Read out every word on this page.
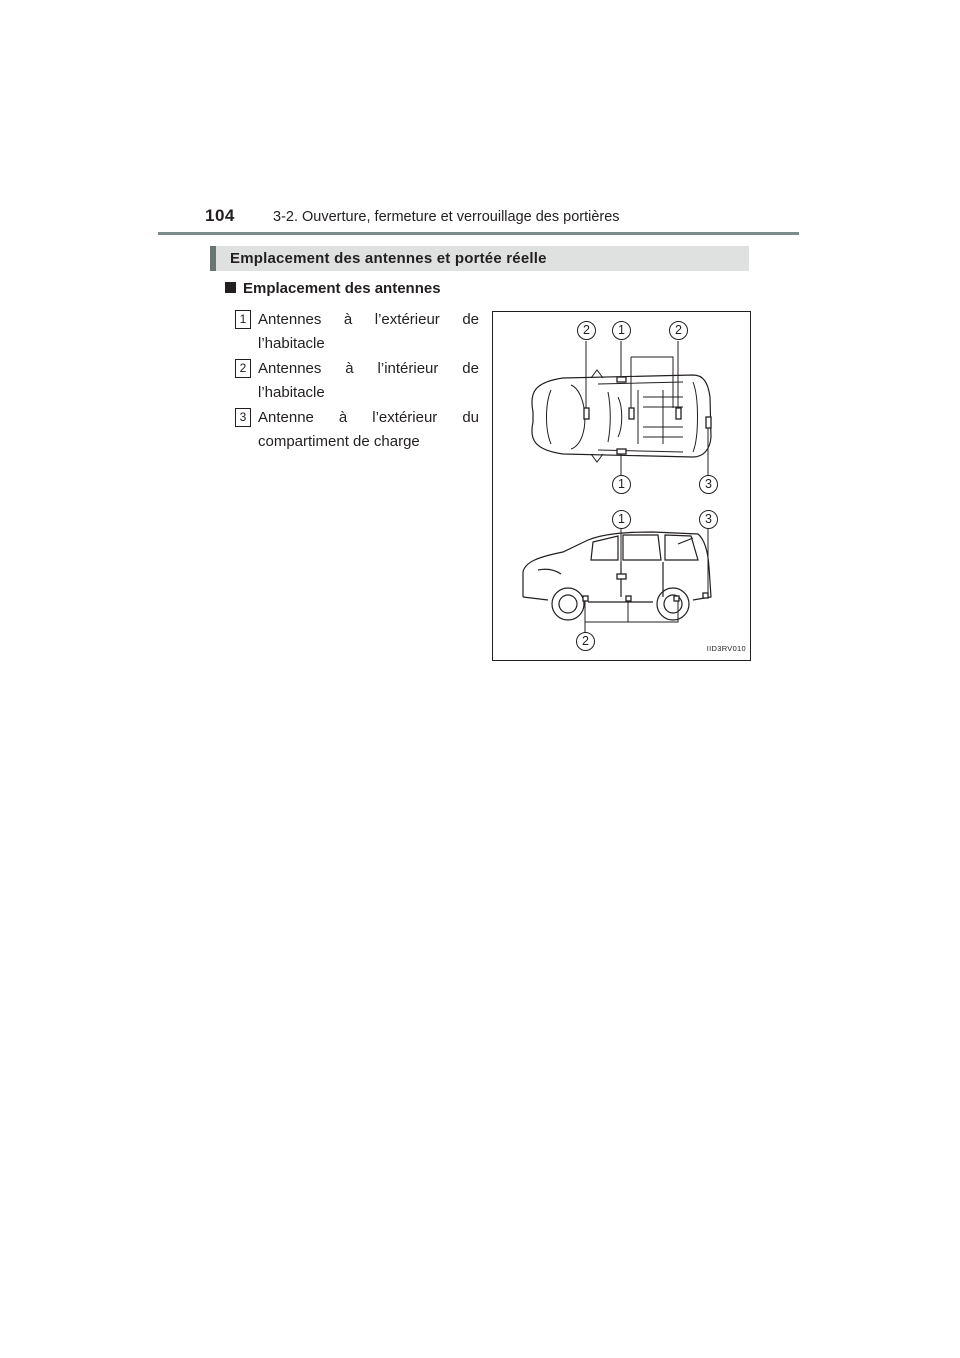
104	3-2. Ouverture, fermeture et verrouillage des portières
Emplacement des antennes et portée réelle
Emplacement des antennes
1 Antennes à l’extérieur de l’habitacle
2 Antennes à l’intérieur de l’habitacle
3 Antenne à l’extérieur du compartiment de charge
2	1	2
1	3
1	3
2
IID3RV010
